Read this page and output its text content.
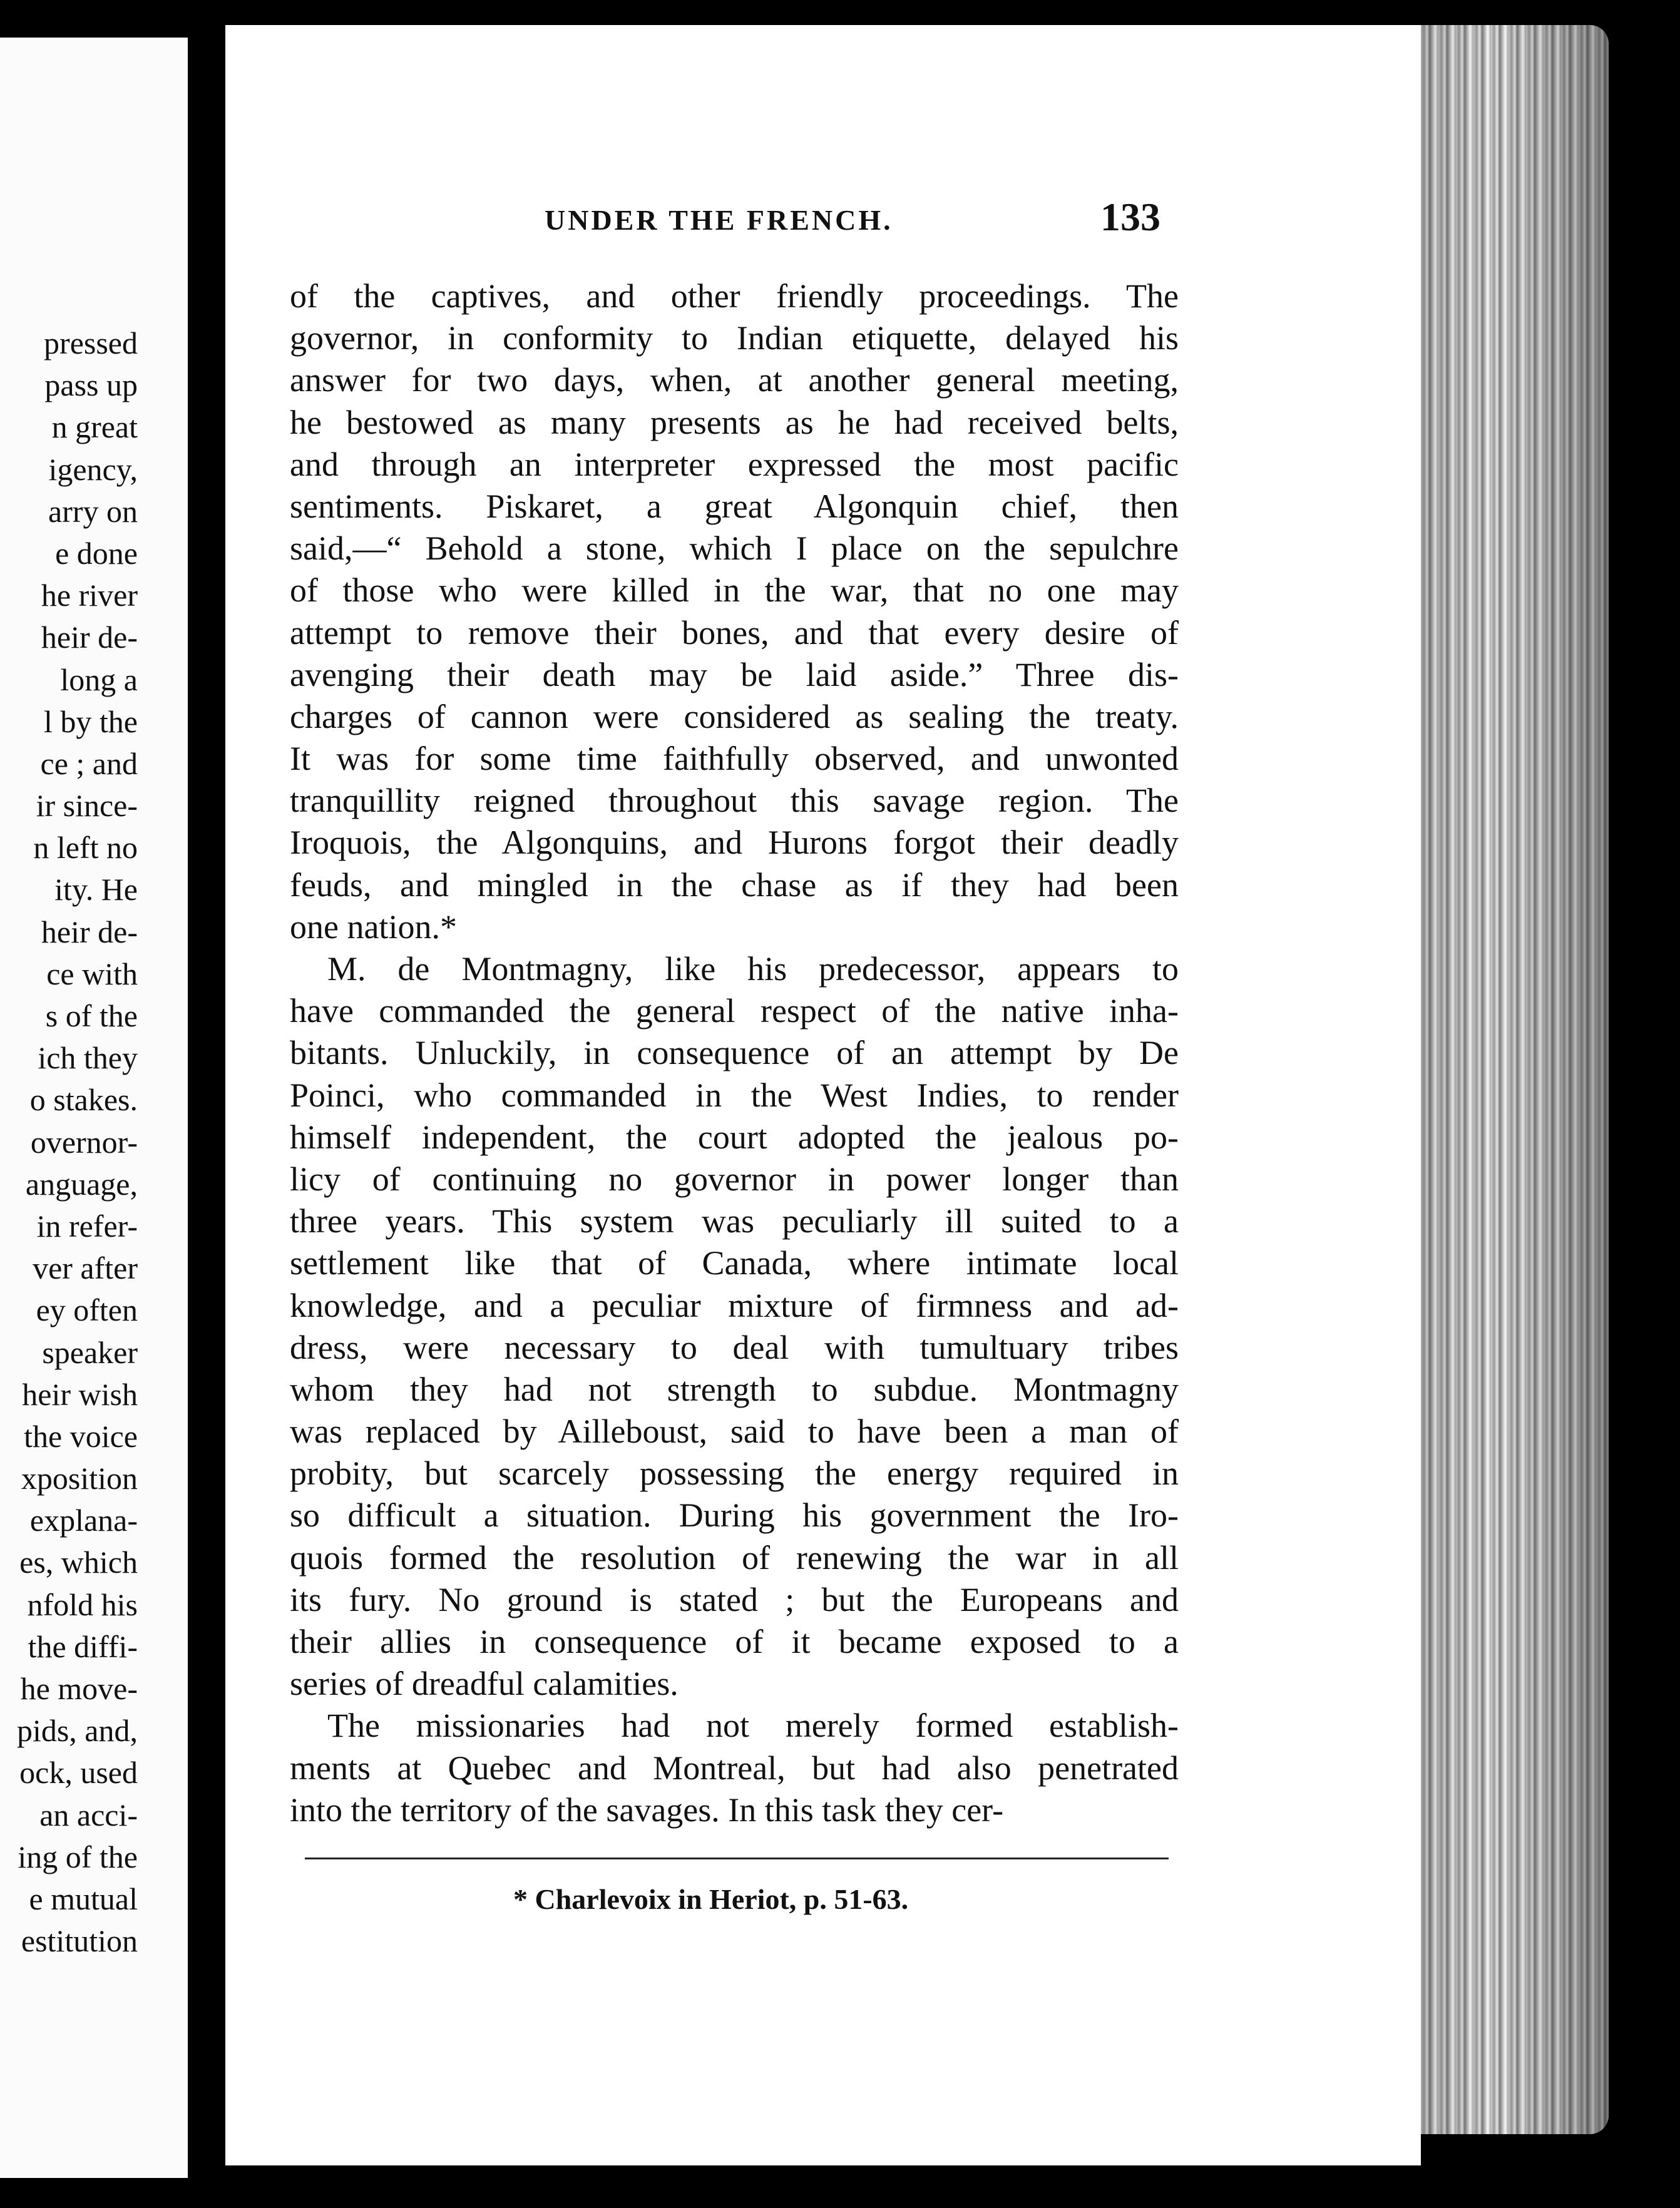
pressed
pass up
n great
igency,
arry on
e done
he river
heir de-
long a
l by the
ce ; and
ir since-
n left no
ity. He
heir de-
ce with
s of the
ich they
o stakes.
overnor-
anguage,
in refer-
ver after
ey often
speaker
heir wish
the voice
xposition
explana-
es, which
nfold his
the diffi-
he move-
pids, and,
ock, used
an acci-
ing of the
e mutual
estitution
UNDER THE FRENCH.	133
of the captives, and other friendly proceedings. The
governor, in conformity to Indian etiquette, delayed his
answer for two days, when, at another general meeting,
he bestowed as many presents as he had received belts,
and through an interpreter expressed the most pacific
sentiments. Piskaret, a great Algonquin chief, then
said,—“ Behold a stone, which I place on the sepulchre
of those who were killed in the war, that no one may
attempt to remove their bones, and that every desire of
avenging their death may be laid aside.” Three dis-
charges of cannon were considered as sealing the treaty.
It was for some time faithfully observed, and unwonted
tranquillity reigned throughout this savage region. The
Iroquois, the Algonquins, and Hurons forgot their deadly
feuds, and mingled in the chase as if they had been
one nation.*
M. de Montmagny, like his predecessor, appears to
have commanded the general respect of the native inha-
bitants. Unluckily, in consequence of an attempt by De
Poinci, who commanded in the West Indies, to render
himself independent, the court adopted the jealous po-
licy of continuing no governor in power longer than
three years. This system was peculiarly ill suited to a
settlement like that of Canada, where intimate local
knowledge, and a peculiar mixture of firmness and ad-
dress, were necessary to deal with tumultuary tribes
whom they had not strength to subdue. Montmagny
was replaced by Ailleboust, said to have been a man of
probity, but scarcely possessing the energy required in
so difficult a situation. During his government the Iro-
quois formed the resolution of renewing the war in all
its fury. No ground is stated ; but the Europeans and
their allies in consequence of it became exposed to a
series of dreadful calamities.
The missionaries had not merely formed establish-
ments at Quebec and Montreal, but had also penetrated
into the territory of the savages. In this task they cer-
* Charlevoix in Heriot, p. 51-63.
